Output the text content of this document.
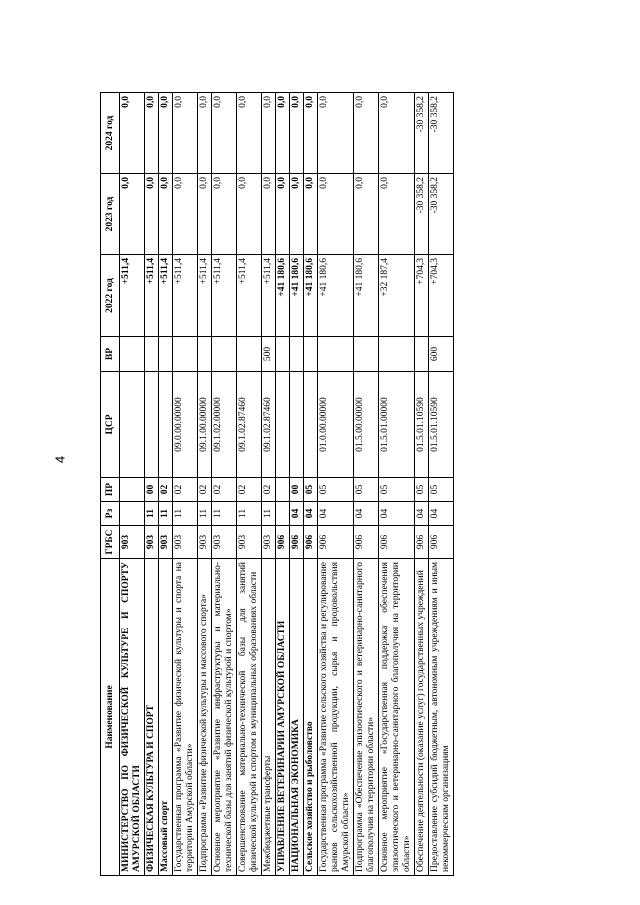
4
Наименование	ГРБС	Рз	ПР	ЦСР	ВР	2022 год	2023 год	2024 год
МИНИСТЕРСТВО ПО ФИЗИЧЕСКОЙ КУЛЬТУРЕ И СПОРТУ АМУРСКОЙ ОБЛАСТИ	903					+511,4	0,0	0,0
ФИЗИЧЕСКАЯ КУЛЬТУРА И СПОРТ	903	11	00			+511,4	0,0	0,0
Массовый спорт	903	11	02			+511,4	0,0	0,0
Государственная программа «Развитие физической культуры и спорта на территории Амурской области»	903	11	02	09.0.00.00000		+511,4	0,0	0,0
Подпрограмма «Развитие физической культуры и массового спорта»	903	11	02	09.1.00.00000		+511,4	0,0	0,0
Основное мероприятие «Развитие инфраструктуры и материально-технической базы для занятий физической культурой и спортом»	903	11	02	09.1.02.00000		+511,4	0,0	0,0
Совершенствование материально-технической базы для занятий физической культурой и спортом в муниципальных образованиях области	903	11	02	09.1.02.87460		+511,4	0,0	0,0
Межбюджетные трансферты	903	11	02	09.1.02.87460	500	+511,4	0,0	0,0
УПРАВЛЕНИЕ ВЕТЕРИНАРИИ АМУРСКОЙ ОБЛАСТИ	906					+41 180,6	0,0	0,0
НАЦИОНАЛЬНАЯ ЭКОНОМИКА	906	04	00			+41 180,6	0,0	0,0
Сельское хозяйство и рыболовство	906	04	05			+41 180,6	0,0	0,0
Государственная программа «Развитие сельского хозяйства и регулирование рынков сельскохозяйственной продукции, сырья и продовольствия Амурской области»	906	04	05	01.0.00.00000		+41 180,6	0,0	0,0
Подпрограмма «Обеспечение эпизоотического и ветеринарно-санитарного благополучия на территории области»	906	04	05	01.5.00.00000		+41 180,6	0,0	0,0
Основное мероприятие «Государственная поддержка обеспечения эпизоотического и ветеринарно-санитарного благополучия на территории области»	906	04	05	01.5.01.00000		+32 187,4	0,0	0,0
Обеспечение деятельности (оказание услуг) государственных учреждений	906	04	05	01.5.01.10590		+704,3	-30 358,2	-30 358,2
Предоставление субсидий бюджетным, автономным учреждениям и иным некоммерческим организациям	906	04	05	01.5.01.10590	600	+704,3	-30 358,2	-30 358,2
